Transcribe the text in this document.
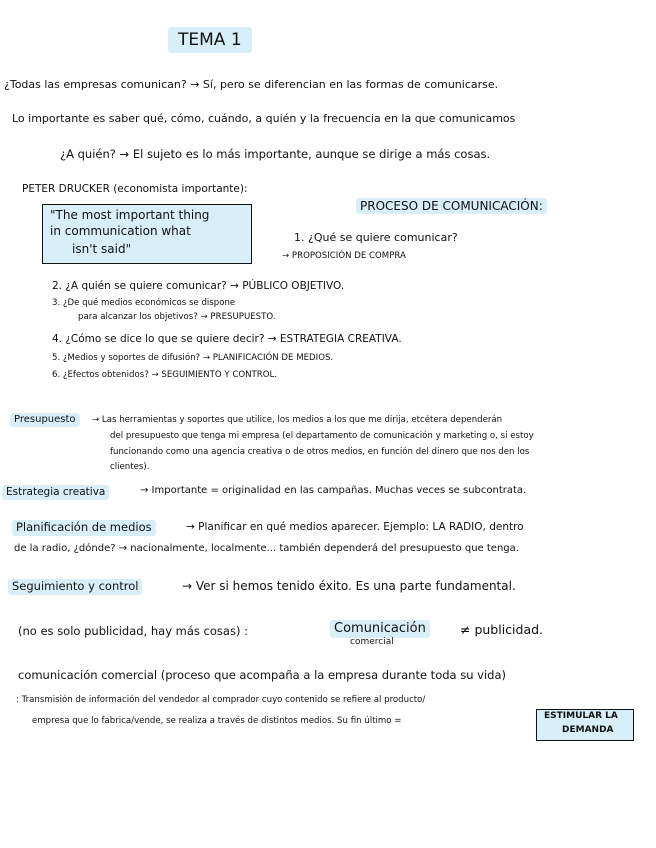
TEMA 1
¿Todas las empresas comunican? → Sí, pero se diferencian en las formas de comunicarse.
Lo importante es saber qué, cómo, cuándo, a quién y la frecuencia en la que comunicamos
¿A quién? → El sujeto es lo más importante, aunque se dirige a más cosas.
PETER DRUCKER (economista importante):
"The most important thing
in communication what
isn't said"
PROCESO DE COMUNICACIÓN:
1. ¿Qué se quiere comunicar?
→ PROPOSICIÓN DE COMPRA
2. ¿A quién se quiere comunicar? → PÚBLICO OBJETIVO.
3. ¿De qué medios económicos se dispone
para alcanzar los objetivos? → PRESUPUESTO.
4. ¿Cómo se dice lo que se quiere decir? → ESTRATEGIA CREATIVA.
5. ¿Medios y soportes de difusión? → PLANIFICACIÓN DE MEDIOS.
6. ¿Efectos obtenidos? → SEGUIMIENTO Y CONTROL.
Presupuesto	→ Las herramientas y soportes que utilice, los medios a los que me dirija, etcétera dependerán
del presupuesto que tenga mi empresa (el departamento de comunicación y marketing o, si estoy
funcionando como una agencia creativa o de otros medios, en función del dinero que nos den los
clientes).
Estrategia creativa	→ Importante = originalidad en las campañas. Muchas veces se subcontrata.
Planificación de medios	→ Planificar en qué medios aparecer. Ejemplo: LA RADIO, dentro
de la radio, ¿dónde? → nacionalmente, localmente... también dependerá del presupuesto que tenga.
Seguimiento y control	→ Ver si hemos tenido éxito. Es una parte fundamental.
(no es solo publicidad, hay más cosas) :	Comunicación
comercial
≠ publicidad.
comunicación comercial (proceso que acompaña a la empresa durante toda su vida)
: Transmisión de información del vendedor al comprador cuyo contenido se refiere al producto/
empresa que lo fabrica/vende, se realiza a través de distintos medios. Su fin último =	ESTIMULAR LA
DEMANDA
